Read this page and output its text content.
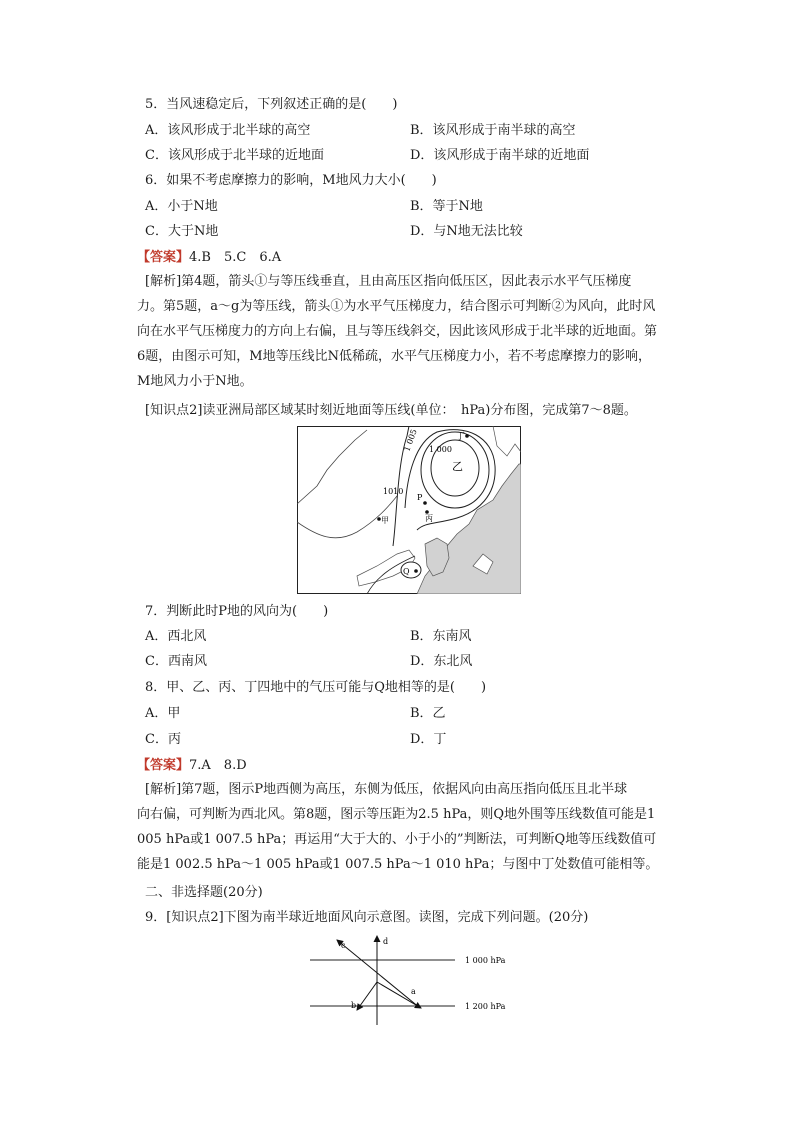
5．当风速稳定后，下列叙述正确的是(　　)
A．该风形成于北半球的高空	B．该风形成于南半球的高空
C．该风形成于北半球的近地面	D．该风形成于南半球的近地面
6．如果不考虑摩擦力的影响，M地风力大小(　　)
A．小于N地	B．等于N地
C．大于N地	D．与N地无法比较
【答案】4.B　5.C　6.A
[解析]第4题，箭头①与等压线垂直，且由高压区指向低压区，因此表示水平气压梯度
力。第5题，a～g为等压线，箭头①为水平气压梯度力，结合图示可判断②为风向，此时风
向在水平气压梯度力的方向上右偏，且与等压线斜交，因此该风形成于北半球的近地面。第
6题，由图示可知，M地等压线比N低稀疏，水平气压梯度力小，若不考虑摩擦力的影响，
M地风力小于N地。
[知识点2]读亚洲局部区域某时刻近地面等压线(单位：　hPa)分布图，完成第7～8题。
1 005 1 000
1010
丁
乙
P
丙
甲
Q
7．判断此时P地的风向为(　　)
A．西北风	B．东南风
C．西南风	D．东北风
8．甲、乙、丙、丁四地中的气压可能与Q地相等的是(　　)
A．甲	B．乙
C．丙	D．丁
【答案】7.A　8.D
[解析]第7题，图示P地西侧为高压，东侧为低压，依据风向由高压指向低压且北半球
向右偏，可判断为西北风。第8题，图示等压距为2.5 hPa，则Q地外围等压线数值可能是1
005 hPa或1 007.5 hPa；再运用“大于大的、小于小的”判断法，可判断Q地等压线数值可
能是1 002.5 hPa～1 005 hPa或1 007.5 hPa～1 010 hPa；与图中丁处数值可能相等。
二、非选择题(20分)
9．[知识点2]下图为南半球近地面风向示意图。读图，完成下列问题。(20分)
c	d
a
b
1 000 hPa
1 200 hPa
